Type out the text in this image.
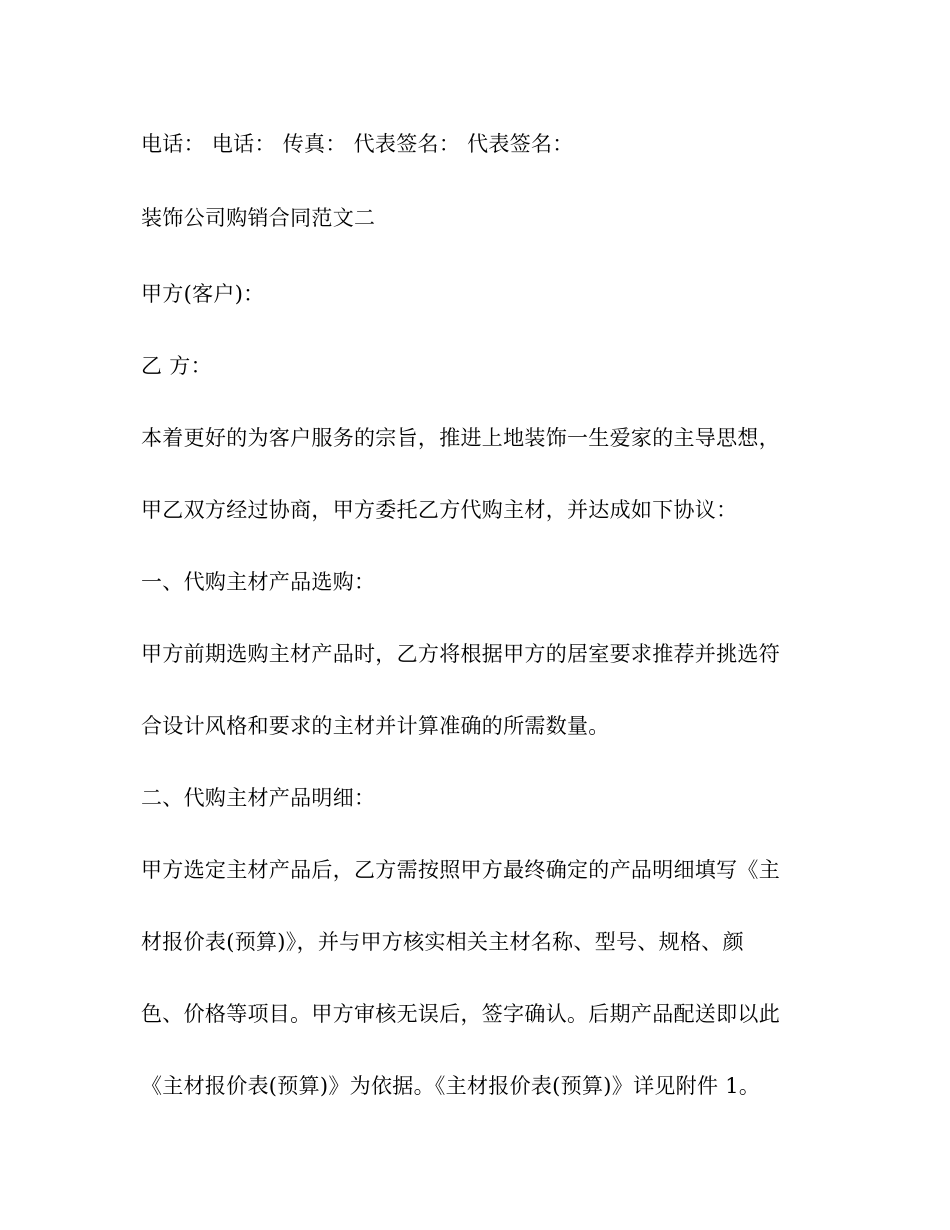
电话： 电话： 传真： 代表签名： 代表签名：
装饰公司购销合同范文二
甲方(客户)：
乙 方：
本着更好的为客户服务的宗旨，推进上地装饰一生爱家的主导思想，
甲乙双方经过协商，甲方委托乙方代购主材，并达成如下协议：
一、代购主材产品选购：
甲方前期选购主材产品时，乙方将根据甲方的居室要求推荐并挑选符
合设计风格和要求的主材并计算准确的所需数量。
二、代购主材产品明细：
甲方选定主材产品后，乙方需按照甲方最终确定的产品明细填写《主
材报价表(预算)》，并与甲方核实相关主材名称、型号、规格、颜
色、价格等项目。甲方审核无误后，签字确认。后期产品配送即以此
《主材报价表(预算)》为依据。《主材报价表(预算)》详见附件 1。
